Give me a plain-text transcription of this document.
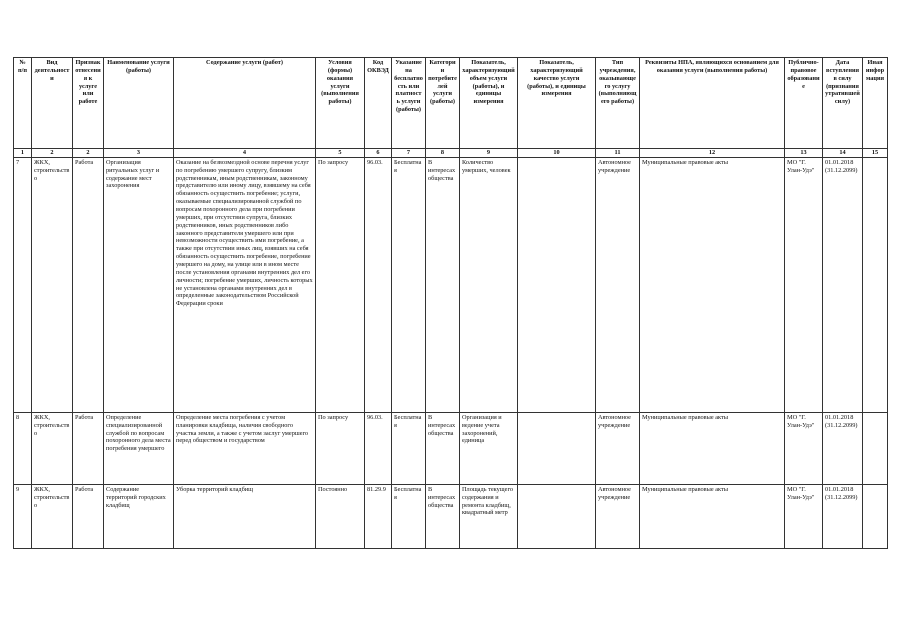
№ п/п	Вид деятельности	Признак отнесения к услуге или работе	Наименование услуги (работы)	Содержание услуги (работ)	Условия (формы) оказания услуги (выполнения работы)	Код ОКВЭД	Указание на бесплатность или платность услуги (работы)	Категории потребителей услуги (работы)	Показатель, характеризующий объем услуги (работы), и единицы измерения	Показатель, характеризующий качество услуги (работы), и единицы измерения	Тип учреждения, оказывающего услугу (выполняющего работы)	Реквизиты НПА, являющихся основанием для оказания услуги (выполнения работы)	Публично-правовое образование	Дата вступления в силу (признания утратившей силу)	Иная информация
1	2	2	3	4	5	6	7	8	9	10	11	12	13	14	15
7	ЖКХ, строительство	Работа	Организация ритуальных услуг и содержание мест захоронения	Оказание на безвозмездной основе перечня услуг по погребению умершего супругу, близким родственникам, иным родственникам, законному представителю или иному лицу, взявшему на себя обязанность осуществить погребение; услуги, оказываемые специализированной службой по вопросам похоронного дела при погребении умерших, при отсутствии супруга, близких родственников, иных родственников либо законного представителя умершего или при невозможности осуществить ими погребение, а также при отсутствии иных лиц, взявших на себя обязанность осуществить погребение, погребение умершего на дому, на улице или в ином месте после установления органами внутренних дел его личности; погребение умерших, личность которых не установлена органами внутренних дел в определенные законодательством Российской Федерации сроки	По запросу	96.03.	Бесплатная	В интересах общества	Количество умерших, человек		Автономное учреждение	Муниципальные правовые акты	МО "Г. Улан-Удэ"	01.01.2018 (31.12.2099)	
8	ЖКХ, строительство	Работа	Определение специализированной службой по вопросам похоронного дела места погребения умершего	Определение места погребения с учетом планировки кладбища, наличия свободного участка земли, а также с учетом заслуг умершего перед обществом и государством	По запросу	96.03.	Бесплатная	В интересах общества	Организация и ведение учета захоронений, единица		Автономное учреждение	Муниципальные правовые акты	МО "Г. Улан-Удэ"	01.01.2018 (31.12.2099)	
9	ЖКХ, строительство	Работа	Содержание территорий городских кладбищ	Уборка территорий кладбищ	Постоянно	81.29.9	Бесплатная	В интересах общества	Площадь текущего содержания и ремонта кладбищ, квадратный метр		Автономное учреждение	Муниципальные правовые акты	МО "Г. Улан-Удэ"	01.01.2018 (31.12.2099)	
